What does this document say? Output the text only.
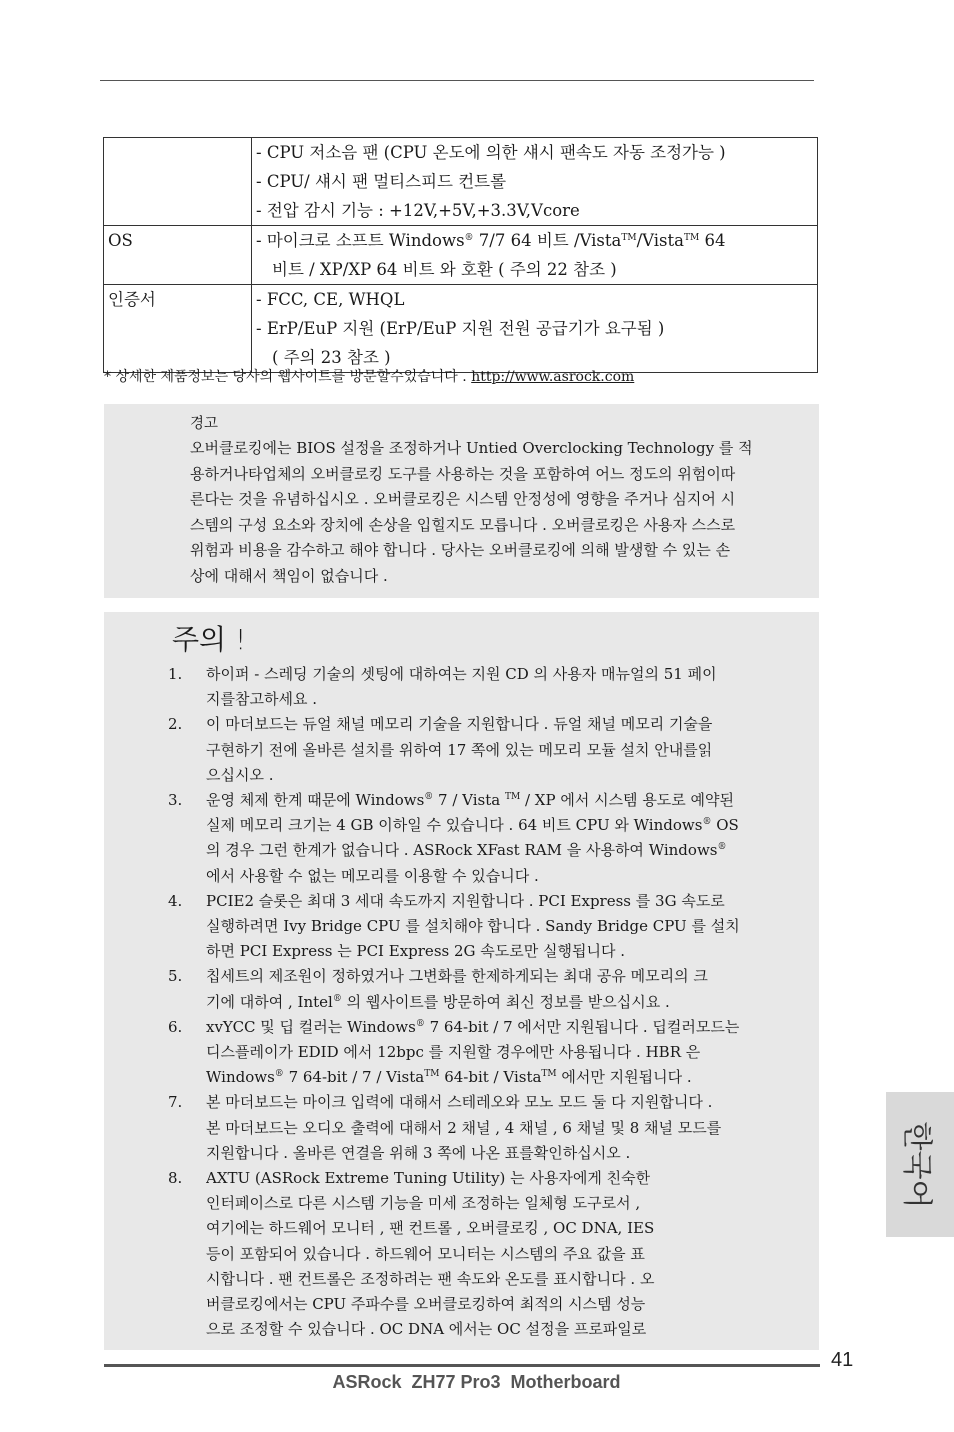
	- CPU 저소음 팬 (CPU 온도에 의한 섀시 팬속도 자동 조정가능 )
- CPU/ 섀시 팬 멀티스피드 컨트롤
- 전압 감시 기능 : +12V,+5V,+3.3V,Vcore

OS	- 마이크로 소프트 Windows® 7/7 64 비트 /Vista™/Vista™ 64
비트 / XP/XP 64 비트 와 호환 ( 주의 22 참조 )

인증서	- FCC, CE, WHQL
- ErP/EuP 지원 (ErP/EuP 지원 전원 공급기가 요구됨 )
( 주의 23 참조 )
* 상세한 제품정보는 당사의 웹사이트를 방문할수있습니다 . http://www.asrock.com
경고
오버클로킹에는 BIOS 설정을 조정하거나 Untied Overclocking Technology 를 적
용하거나타업체의 오버클로킹 도구를 사용하는 것을 포함하여 어느 정도의 위험이따
른다는 것을 유념하십시오 . 오버클로킹은 시스템 안정성에 영향을 주거나 심지어 시
스템의 구성 요소와 장치에 손상을 입힐지도 모릅니다 . 오버클로킹은 사용자 스스로
위험과 비용을 감수하고 해야 합니다 . 당사는 오버클로킹에 의해 발생할 수 있는 손
상에 대해서 책임이 없습니다 .
주의 !
1. 하이퍼 - 스레딩 기술의 셋팅에 대하여는 지원 CD 의 사용자 매뉴얼의 51 페이
지를참고하세요 .
2. 이 마더보드는 듀얼 채널 메모리 기술을 지원합니다 . 듀얼 채널 메모리 기술을
구현하기 전에 올바른 설치를 위하여 17 쪽에 있는 메모리 모듈 설치 안내를읽
으십시오 .
3. 운영 체제 한계 때문에 Windows® 7 / Vista ™ / XP 에서 시스템 용도로 예약된
실제 메모리 크기는 4 GB 이하일 수 있습니다 . 64 비트 CPU 와 Windows® OS
의 경우 그런 한계가 없습니다 . ASRock XFast RAM 을 사용하여 Windows®
에서 사용할 수 없는 메모리를 이용할 수 있습니다 .
4. PCIE2 슬롯은 최대 3 세대 속도까지 지원합니다 . PCI Express 를 3G 속도로
실행하려면 Ivy Bridge CPU 를 설치해야 합니다 . Sandy Bridge CPU 를 설치
하면 PCI Express 는 PCI Express 2G 속도로만 실행됩니다 .
5. 칩세트의 제조원이 정하였거나 그변화를 한제하게되는 최대 공유 메모리의 크
기에 대하여 , Intel® 의 웹사이트를 방문하여 최신 정보를 받으십시요 .
6. xvYCC 및 딥 컬러는 Windows® 7 64-bit / 7 에서만 지원됩니다 . 딥컬러모드는
디스플레이가 EDID 에서 12bpc 를 지원할 경우에만 사용됩니다 . HBR 은
Windows® 7 64-bit / 7 / Vista™ 64-bit / Vista™ 에서만 지원됩니다 .
7. 본 마더보드는 마이크 입력에 대해서 스테레오와 모노 모드 둘 다 지원합니다 .
본 마더보드는 오디오 출력에 대해서 2 채널 , 4 채널 , 6 채널 및 8 채널 모드를
지원합니다 . 올바른 연결을 위해 3 쪽에 나온 표를확인하십시오 .
8. AXTU (ASRock Extreme Tuning Utility) 는 사용자에게 친숙한
인터페이스로 다른 시스템 기능을 미세 조정하는 일체형 도구로서 ,
여기에는 하드웨어 모니터 , 팬 컨트롤 , 오버클로킹 , OC DNA, IES
등이 포함되어 있습니다 . 하드웨어 모니터는 시스템의 주요 값을 표
시합니다 . 팬 컨트롤은 조정하려는 팬 속도와 온도를 표시합니다 . 오
버클로킹에서는 CPU 주파수를 오버클로킹하여 최적의 시스템 성능
으로 조정할 수 있습니다 . OC DNA 에서는 OC 설정을 프로파일로
한국어
41
ASRock  ZH77 Pro3  Motherboard
